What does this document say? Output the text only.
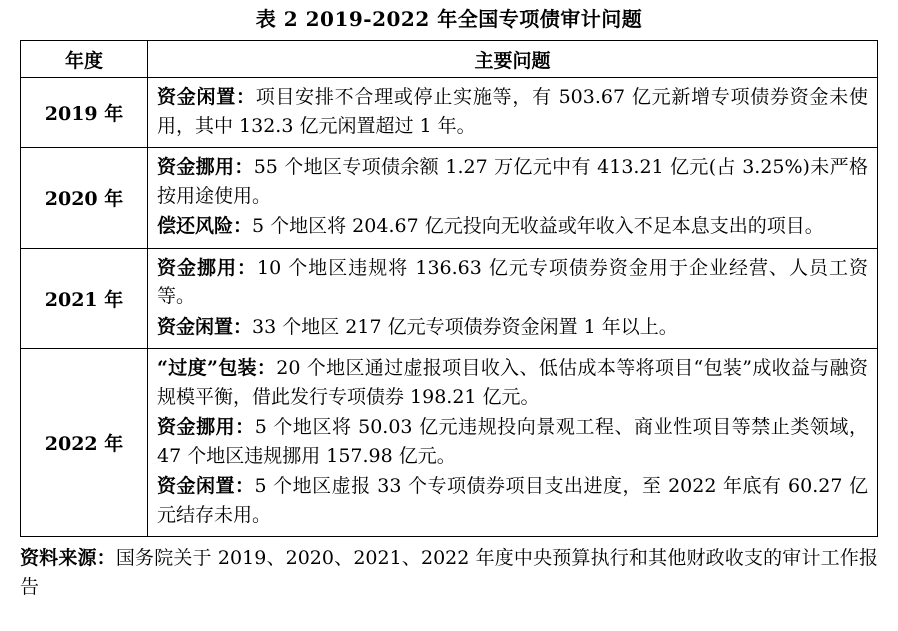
表 2 2019-2022 年全国专项债审计问题
年度	主要问题
2019 年	资金闲置：项目安排不合理或停止实施等，有 503.67 亿元新增专项债券资金未使用，其中 132.3 亿元闲置超过 1 年。

2020 年	资金挪用：55 个地区专项债余额 1.27 万亿元中有 413.21 亿元(占 3.25%)未严格按用途使用。
偿还风险：5 个地区将 204.67 亿元投向无收益或年收入不足本息支出的项目。

2021 年	资金挪用：10 个地区违规将 136.63 亿元专项债券资金用于企业经营、人员工资等。
资金闲置：33 个地区 217 亿元专项债券资金闲置 1 年以上。

2022 年	“过度”包装：20 个地区通过虚报项目收入、低估成本等将项目“包装”成收益与融资规模平衡，借此发行专项债券 198.21 亿元。
资金挪用：5 个地区将 50.03 亿元违规投向景观工程、商业性项目等禁止类领域，47 个地区违规挪用 157.98 亿元。
资金闲置：5 个地区虚报 33 个专项债券项目支出进度，至 2022 年底有 60.27 亿元结存未用。
资料来源：国务院关于 2019、2020、2021、2022 年度中央预算执行和其他财政收支的审计工作报告
